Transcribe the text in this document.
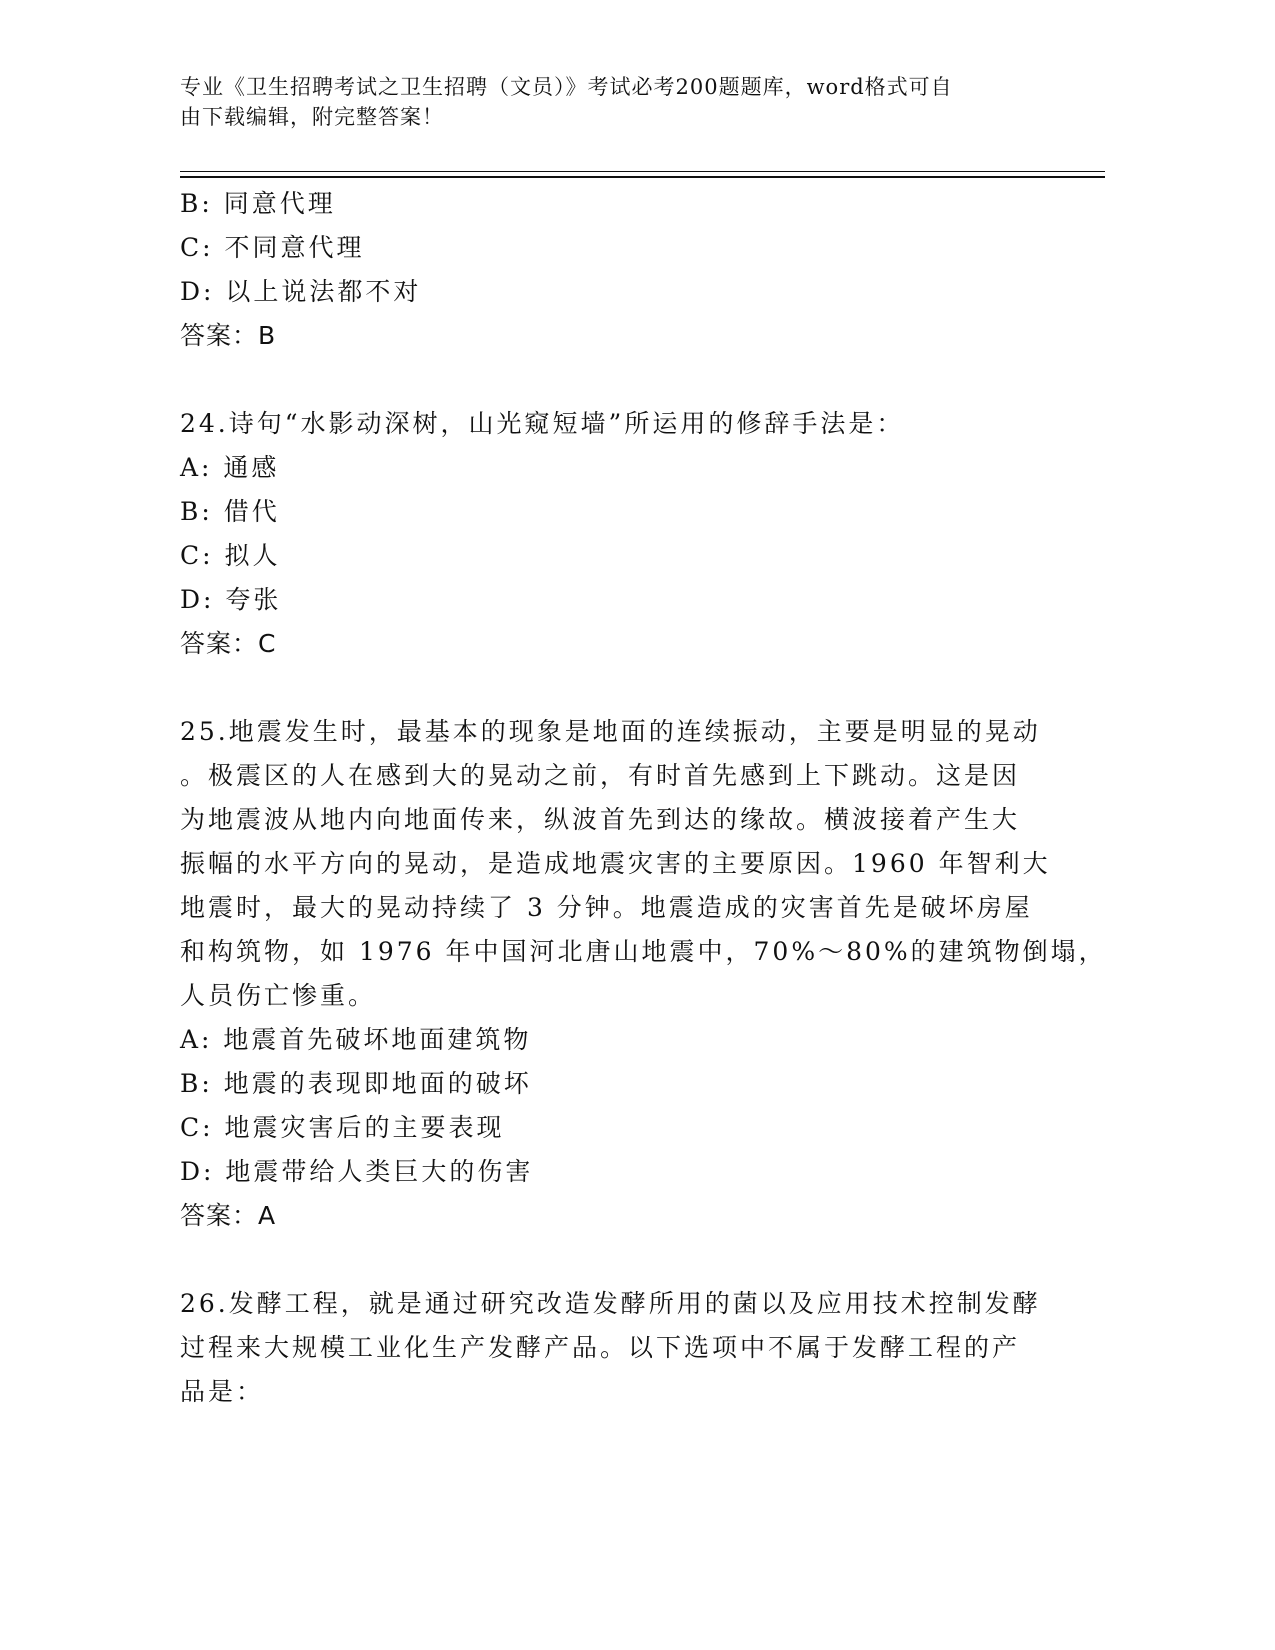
专业《卫生招聘考试之卫生招聘（文员）》考试必考200题题库，word格式可自
由下载编辑，附完整答案！
B: 同意代理
C: 不同意代理
D: 以上说法都不对
答案：B
24.诗句“水影动深树，山光窥短墙”所运用的修辞手法是：
A: 通感
B: 借代
C: 拟人
D: 夸张
答案：C
25.地震发生时，最基本的现象是地面的连续振动，主要是明显的晃动
。极震区的人在感到大的晃动之前，有时首先感到上下跳动。这是因
为地震波从地内向地面传来，纵波首先到达的缘故。横波接着产生大
振幅的水平方向的晃动，是造成地震灾害的主要原因。1960 年智利大
地震时，最大的晃动持续了 3 分钟。地震造成的灾害首先是破坏房屋
和构筑物，如 1976 年中国河北唐山地震中，70%～80%的建筑物倒塌，
人员伤亡惨重。
A: 地震首先破坏地面建筑物
B: 地震的表现即地面的破坏
C: 地震灾害后的主要表现
D: 地震带给人类巨大的伤害
答案：A
26.发酵工程，就是通过研究改造发酵所用的菌以及应用技术控制发酵
过程来大规模工业化生产发酵产品。以下选项中不属于发酵工程的产
品是：
